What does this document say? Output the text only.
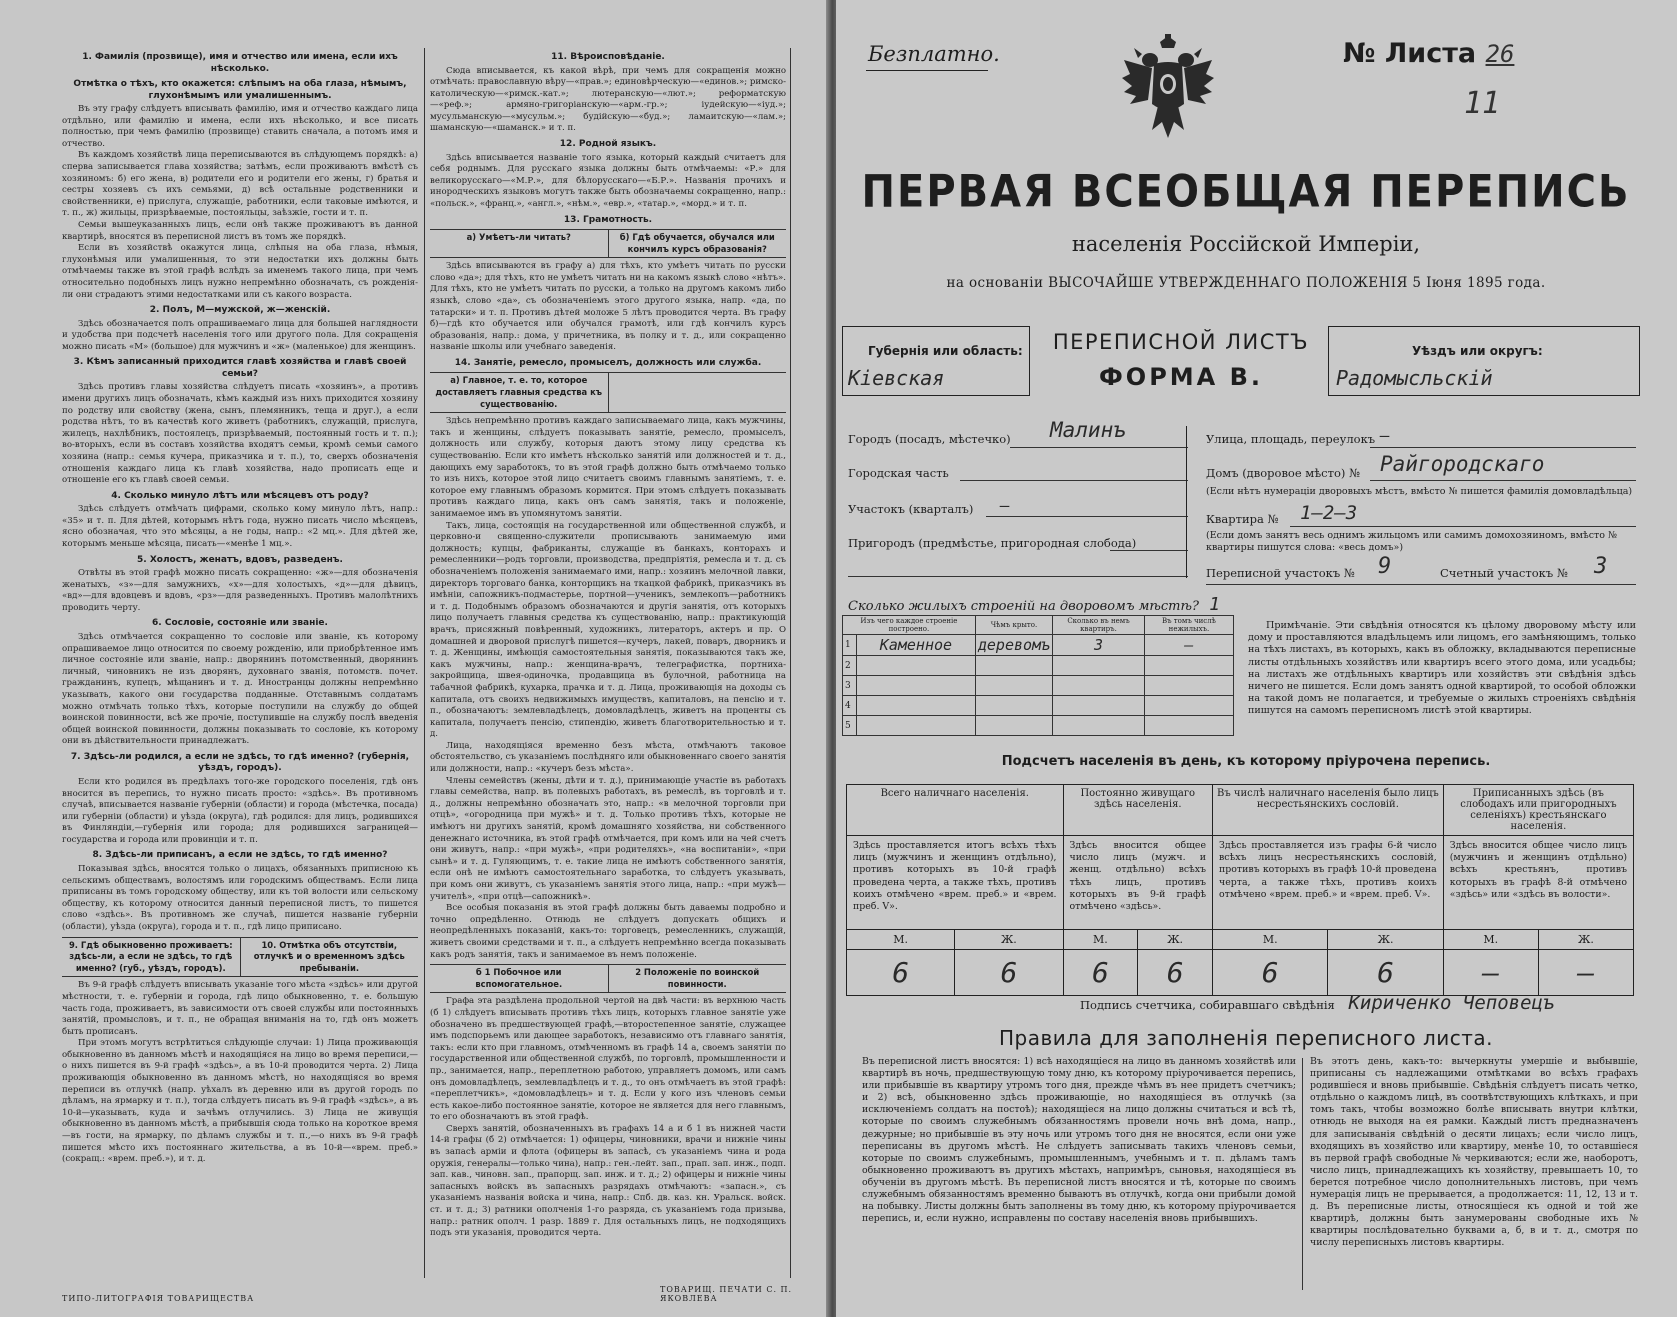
1. Фамилія (прозвище), имя и отчество или имена, если ихъ нѣсколько.
Отмѣтка о тѣхъ, кто окажется: слѣпымъ на оба глаза, нѣмымъ, глухонѣмымъ или умалишеннымъ.
Въ эту графу слѣдуетъ вписывать фамилію, имя и отчество каждаго лица отдѣльно, или фамилію и имена, если ихъ нѣсколько, и все писать полностью, при чемъ фамилію (прозвище) ставить сначала, а потомъ имя и отчество.
Въ каждомъ хозяйствѣ лица переписываются въ слѣдующемъ порядкѣ: а) сперва записывается глава хозяйства; затѣмъ, если проживаютъ вмѣстѣ съ хозяиномъ: б) его жена, в) родители его и родители его жены, г) братья и сестры хозяевъ съ ихъ семьями, д) всѣ остальные родственники и свойственники, е) прислуга, служащіе, работники, если таковые имѣются, и т. п., ж) жильцы, призрѣваемые, постояльцы, заѣзжіе, гости и т. п.
Семьи вышеуказанныхъ лицъ, если онѣ также проживаютъ въ данной квартирѣ, вносятся въ переписной листъ въ томъ же порядкѣ.
Если въ хозяйствѣ окажутся лица, слѣпыя на оба глаза, нѣмыя, глухонѣмыя или умалишенныя, то эти недостатки ихъ должны быть отмѣчаемы также въ этой графѣ вслѣдъ за именемъ такого лица, при чемъ относительно подобныхъ лицъ нужно непремѣнно обозначать, съ рожденія-ли они страдаютъ этими недостатками или съ какого возраста.
2. Полъ, М—мужской, ж—женскій.
Здѣсь обозначается полъ опрашиваемаго лица для большей наглядности и удобства при подсчетѣ населенія того или другого пола. Для сокращенія можно писать «М» (большое) для мужчинъ и «ж» (маленькое) для женщинъ.
3. Кѣмъ записанный приходится главѣ хозяйства и главѣ своей семьи?
Здѣсь противъ главы хозяйства слѣдуетъ писать «хозяинъ», а противъ имени другихъ лицъ обозначать, кѣмъ каждый изъ нихъ приходится хозяину по родству или свойству (жена, сынъ, племянникъ, теща и друг.), а если родства нѣтъ, то въ качествѣ кого живетъ (работникъ, служащій, прислуга, жилецъ, нахлѣбникъ, постоялецъ, призрѣваемый, постоянный гость и т. п.); во-вторыхъ, если въ составъ хозяйства входятъ семьи, кромѣ семьи самого хозяина (напр.: семья кучера, приказчика и т. п.), то, сверхъ обозначенія отношенія каждаго лица къ главѣ хозяйства, надо прописать еще и отношеніе его къ главѣ своей семьи.
4. Сколько минуло лѣтъ или мѣсяцевъ отъ роду?
Здѣсь слѣдуетъ отмѣчать цифрами, сколько кому минуло лѣтъ, напр.: «35» и т. п. Для дѣтей, которымъ нѣтъ года, нужно писать число мѣсяцевъ, ясно обозначая, что это мѣсяцы, а не годы, напр.: «2 мц.». Для дѣтей же, которымъ меньше мѣсяца, писать—«менѣе 1 мц.».
5. Холостъ, женатъ, вдовъ, разведенъ.
Отвѣты въ этой графѣ можно писать сокращенно: «ж»—для обозначенія женатыхъ, «з»—для замужнихъ, «х»—для холостыхъ, «д»—для дѣвицъ, «вд»—для вдовцевъ и вдовъ, «рз»—для разведенныхъ. Противъ малолѣтнихъ проводить черту.
6. Сословіе, состояніе или званіе.
Здѣсь отмѣчается сокращенно то сословіе или званіе, къ которому опрашиваемое лицо относится по своему рожденію, или приобрѣтенное имъ личное состояніе или званіе, напр.: дворянинъ потомственный, дворянинъ личный, чиновникъ не изъ дворянъ, духовнаго званія, потомств. почет. гражданинъ, купецъ, мѣщанинъ и т. д. Иностранцы должны непремѣнно указывать, какого они государства подданные. Отставнымъ солдатамъ можно отмѣчать только тѣхъ, которые поступили на службу до общей воинской повинности, всѣ же прочіе, поступившіе на службу послѣ введенія общей воинской повинности, должны показывать то сословіе, къ которому они въ дѣйствительности принадлежатъ.
7. Здѣсь-ли родился, а если не здѣсь, то гдѣ именно? (губернія, уѣздъ, городъ).
Если кто родился въ предѣлахъ того-же городского поселенія, гдѣ онъ вносится въ перепись, то нужно писать просто: «здѣсь». Въ противномъ случаѣ, вписывается названіе губерніи (области) и города (мѣстечка, посада) или губерніи (области) и уѣзда (округа), гдѣ родился: для лицъ, родившихся въ Финляндіи,—губернія или города; для родившихся заграницей—государства и города или провинціи и т. п.
8. Здѣсь-ли приписанъ, а если не здѣсь, то гдѣ именно?
Показывая здѣсь, вносятся только о лицахъ, обязанныхъ приписною къ сельскимъ обществамъ, волостямъ или городскимъ обществамъ. Если лица приписаны въ томъ городскому обществу, или къ той волости или сельскому обществу, къ которому относится данный переписной листъ, то пишется слово «здѣсь». Въ противномъ же случаѣ, пишется названіе губерніи (области), уѣзда (округа), города и т. п., гдѣ лицо приписано.
9. Гдѣ обыкновенно проживаетъ: здѣсь-ли, а если не здѣсь, то гдѣ именно? (губ., уѣздъ, городъ).
10. Отмѣтка объ отсутствіи, отлучкѣ и о временномъ здѣсь пребываніи.
Въ 9-й графѣ слѣдуетъ вписывать указаніе того мѣста «здѣсь» или другой мѣстности, т. е. губерніи и города, гдѣ лицо обыкновенно, т. е. большую часть года, проживаетъ, въ зависимости отъ своей службы или постоянныхъ занятій, промысловъ, и т. п., не обращая вниманія на то, гдѣ онъ можетъ быть прописанъ.
При этомъ могутъ встрѣтиться слѣдующіе случаи: 1) Лица проживающія обыкновенно въ данномъ мѣстѣ и находящіяся на лицо во время переписи,—о нихъ пишется въ 9-й графѣ «здѣсь», а въ 10-й проводится черта. 2) Лица проживающія обыкновенно въ данномъ мѣстѣ, но находящіяся во время переписи въ отлучкѣ (напр. уѣхалъ въ деревню или въ другой городъ по дѣламъ, на ярмарку и т. п.), тогда слѣдуетъ писать въ 9-й графѣ «здѣсь», а въ 10-й—указывать, куда и зачѣмъ отлучились. 3) Лица не живущія обыкновенно въ данномъ мѣстѣ, а прибывшія сюда только на короткое время—въ гости, на ярмарку, по дѣламъ службы и т. п.,—о нихъ въ 9-й графѣ пишется мѣсто ихъ постояннаго жительства, а въ 10-й—«врем. преб.» (сокращ.: «врем. преб.»), и т. д.
11. Вѣроисповѣданіе.
Сюда вписывается, къ какой вѣрѣ, при чемъ для сокращенія можно отмѣчать: православную вѣру—«прав.»; единовѣрческую—«единов.»; римско-католическую—«римск.-кат.»; лютеранскую—«лют.»; реформатскую—«реф.»; армяно-григоріанскую—«арм.-гр.»; іудейскую—«іуд.»; мусульманскую—«мусульм.»; будійскую—«буд.»; ламаитскую—«лам.»; шаманскую—«шаманск.» и т. п.
12. Родной языкъ.
Здѣсь вписывается названіе того языка, который каждый считаетъ для себя роднымъ. Для русскаго языка должны быть отмѣчаемы: «Р.» для великорусскаго—«М.Р.», для бѣлорусскаго—«Б.Р.». Названія прочихъ и инородческихъ языковъ могутъ также быть обозначаемы сокращенно, напр.: «польск.», «франц.», «англ.», «нѣм.», «евр.», «татар.», «морд.» и т. п.
13. Грамотность.
а) Умѣетъ-ли читать?	б) Гдѣ обучается, обучался или кончилъ курсъ образованія?
Здѣсь вписываются въ графу а) для тѣхъ, кто умѣетъ читать по русски слово «да»; для тѣхъ, кто не умѣетъ читать ни на какомъ языкѣ слово «нѣтъ». Для тѣхъ, кто не умѣетъ читать по русски, а только на другомъ какомъ либо языкѣ, слово «да», съ обозначеніемъ этого другого языка, напр. «да, по татарски» и т. п. Противъ дѣтей моложе 5 лѣтъ проводится черта. Въ графу б)—гдѣ кто обучается или обучался грамотѣ, или гдѣ кончилъ курсъ образованія, напр.: дома, у причетника, въ полку и т. д., или сокращенно названіе школы или учебнаго заведенія.
14. Занятіе, ремесло, промыселъ, должность или служба.
а) Главное, т. е. то, которое доставляетъ главныя средства къ существованію.
Здѣсь непремѣнно противъ каждаго записываемаго лица, какъ мужчины, такъ и женщины, слѣдуетъ показывать занятіе, ремесло, промыселъ, должность или службу, которыя даютъ этому лицу средства къ существованію. Если кто имѣетъ нѣсколько занятій или должностей и т. д., дающихъ ему заработокъ, то въ этой графѣ должно быть отмѣчаемо только то изъ нихъ, которое этой лицо считаетъ своимъ главнымъ занятіемъ, т. е. которое ему главнымъ образомъ кормится. При этомъ слѣдуетъ показывать противъ каждаго лица, какъ онъ самъ занятія, такъ и положеніе, занимаемое имъ въ упомянутомъ занятіи.
Такъ, лица, состоящія на государственной или общественной службѣ, и церковно-и священно-служители прописывають занимаемую ими должность; купцы, фабриканты, служащіе въ банкахъ, конторахъ и ремесленники—родъ торговли, производства, предпріятія, ремесла и т. д. съ обозначеніемъ положенія занимаемаго ими, напр.: хозяинъ мелочной лавки, директоръ торговаго банка, конторщикъ на ткацкой фабрикѣ, приказчикъ въ имѣніи, сапожникъ-подмастерье, портной—ученикъ, землекопъ—работникъ и т. д. Подобнымъ образомъ обозначаются и другія занятія, отъ которыхъ лицо получаетъ главныя средства къ существованію, напр.: практикующій врачъ, присяжный повѣренный, художникъ, литераторъ, актеръ и пр. О домашней и дворовой прислугѣ пишется—кучеръ, лакей, поваръ, дворникъ и т. д. Женщины, имѣющія самостоятельныя занятія, показываются такъ же, какъ мужчины, напр.: женщина-врачъ, телеграфистка, портниха-закройщица, швея-одиночка, продавщица въ булочной, работница на табачной фабрикѣ, кухарка, прачка и т. д. Лица, проживающія на доходы съ капитала, отъ своихъ недвижимыхъ имуществъ, капиталовъ, на пенсію и т. п., обозначаютъ: землевладѣлецъ, домовладѣлецъ, живетъ на проценты съ капитала, получаетъ пенсію, стипендію, живетъ благотворительностью и т. д.
Лица, находящіяся временно безъ мѣста, отмѣчаютъ таковое обстоятельство, съ указаніемъ послѣдняго или обыкновеннаго своего занятія или должности, напр.: «кучеръ безъ мѣста».
Члены семействъ (жены, дѣти и т. д.), принимающіе участіе въ работахъ главы семейства, напр. въ полевыхъ работахъ, въ ремеслѣ, въ торговлѣ и т. д., должны непремѣнно обозначать это, напр.: «в мелочной торговли при отцѣ», «огородница при мужѣ» и т. д. Только противъ тѣхъ, которые не имѣютъ ни другихъ занятій, кромѣ домашняго хозяйства, ни собственного денежнаго источника, въ этой графѣ отмѣчается, при комъ или на чей счетъ они живутъ, напр.: «при мужѣ», «при родителяхъ», «на воспитаніи», «при сынѣ» и т. д. Гуляющимъ, т. е. такие лица не имѣютъ собственного занятія, если онѣ не имѣютъ самостоятельнаго заработка, то слѣдуетъ указывать, при комъ они живутъ, съ указаніемъ занятія этого лица, напр.: «при мужѣ—учителѣ», «при отцѣ—сапожникѣ».
Все особыя показанія въ этой графѣ должны быть даваемы подробно и точно опредѣленно. Отнюдь не слѣдуетъ допускать общихъ и неопредѣленныхъ показаній, какъ-то: торговецъ, ремесленникъ, служащій, живетъ своими средствами и т. п., а слѣдуетъ непремѣнно всегда показывать какъ родъ занятія, такъ и занимаемое въ немъ положеніе.
б 1 Побочное или вспомогательное.
2 Положеніе по воинской повинности.
Графа эта раздѣлена продольной чертой на двѣ части: въ верхнюю часть (б 1) слѣдуетъ вписывать противъ тѣхъ лицъ, которыхъ главное занятіе уже обозначено въ предшествующей графѣ,—второстепенное занятіе, служащее имъ подспорьемъ или дающее заработокъ, независимо отъ главнаго занятія, такъ: если кто при главномъ, отмѣченномъ въ графѣ 14 а, своемъ занятіи по государственной или общественной службѣ, по торговлѣ, промышленности и пр., занимается, напр., переплетною работою, управляетъ домомъ, или самъ онъ домовладѣлецъ, землевладѣлецъ и т. д., то онъ отмѣчаетъ въ этой графѣ: «переплетчикъ», «домовладѣлецъ» и т. д. Если у кого изъ членовъ семьи есть какое-либо постоянное занятіе, которое не является для него главнымъ, то его обозначаютъ въ этой графѣ.
Сверхъ занятій, обозначенныхъ въ графахъ 14 а и б 1 въ нижней части 14-й графы (б 2) отмѣчается: 1) офицеры, чиновники, врачи и нижніе чины въ запасѣ арміи и флота (офицеры въ запасѣ, съ указаніемъ чина и рода оружія, генералы—только чина), напр.: ген.-лейт. зап., прап. зап. инж., подп. зап. кав., чиновн. зап., прапорщ. зап. инж. и т. д.; 2) офицеры и нижніе чины запасныхъ войскъ въ запасныхъ разрядахъ отмѣчаютъ: «запасн.», съ указаніемъ названія войска и чина, напр.: Спб. дв. каз. кн. Уральск. войск. ст. и т. д.; 3) ратники ополченія 1-го разряда, съ указаніемъ года призыва, напр.: ратник ополч. 1 разр. 1889 г. Для остальныхъ лицъ, не подходящихъ подъ эти указанія, проводится черта.
ТИПО-ЛИТОГРАФІЯ ТОВАРИЩЕСТВА
ТОВАРИЩ. ПЕЧАТИ С. П. ЯКОВЛЕВА
Безплатно.	№ Листа 26
11
ПЕРВАЯ ВСЕОБЩАЯ ПЕРЕПИСЬ
населенія Россійской Имперіи,
на основаніи ВЫСОЧАЙШЕ УТВЕРЖДЕННАГО ПОЛОЖЕНІЯ 5 Іюня 1895 года.
Губернія или область:
Кіевская
Уѣздъ или округъ:
Радомысльскій
ПЕРЕПИСНОЙ ЛИСТЪ
ФОРМА В.
Городъ (посадъ, мѣстечко) Малинъ
Городская часть
Участокъ (кварталъ) —
Пригородъ (предмѣстье, пригородная слобода)
Улица, площадь, переулокъ —
Домъ (дворовое мѣсто) № Райгородскаго
(Если нѣтъ нумераціи дворовыхъ мѣстъ, вмѣсто № пишется фамилія домовладѣльца)
Квартира № 1—2—3
(Если домъ занятъ весь однимъ жильцомъ или самимъ домохозяиномъ, вмѣсто № квартиры пишутся слова: «весь домъ»)
Переписной участокъ № 9	Счетный участокъ № 3
Сколько жилыхъ строеній на дворовомъ мѣстѣ? 1
Изъ чего каждое строеніе построено.		Чѣмъ крыто.	Сколько въ немъ квартиръ.	Въ томъ числѣ нежилыхъ.
1	Каменное	деревомъ	3	—
2				
3				
4				
5				
Примѣчаніе. Эти свѣдѣнія относятся къ цѣлому дворовому мѣсту или дому и проставляются владѣльцемъ или лицомъ, его замѣняющимъ, только на тѣхъ листахъ, въ которыхъ, какъ въ обложку, вкладываются переписные листы отдѣльныхъ хозяйствъ или квартиръ всего этого дома, или усадьбы; на листахъ же отдѣльныхъ квартиръ или хозяйствъ эти свѣдѣнія здѣсь ничего не пишется. Если домъ занятъ одной квартирой, то особой обложки на такой домъ не полагается, и требуемые о жилыхъ строеніяхъ свѣдѣнія пишутся на самомъ переписномъ листѣ этой квартиры.
Подсчетъ населенія въ день, къ которому пріурочена перепись.
Всего наличнаго населенія.		Постоянно живущаго здѣсь населенія.		Въ числѣ наличнаго населенія было лицъ несрестьянскихъ сословій.		Приписанныхъ здѣсь (въ слободахъ или пригородныхъ селеніяхъ) крестьянскаго населенія.	
Здѣсь проставляется итогъ всѣхъ тѣхъ лицъ (мужчинъ и женщинъ отдѣльно), противъ которыхъ въ 10-й графѣ проведена черта, а также тѣхъ, противъ коихъ отмѣчено «врем. преб.» и «врем. преб. V».		Здѣсь вносится общее число лицъ (мужч. и женщ. отдѣльно) всѣхъ тѣхъ лицъ, противъ которыхъ въ 9-й графѣ отмѣчено «здѣсь».		Здѣсь проставляется изъ графы 6-й число всѣхъ лицъ несрестьянскихъ сословій, противъ которыхъ въ графѣ 10-й проведена черта, а также тѣхъ, противъ коихъ отмѣчено «врем. преб.» и «врем. преб. V».		Здѣсь вносится общее число лицъ (мужчинъ и женщинъ отдѣльно) всѣхъ крестьянъ, противъ которыхъ въ графѣ 8-й отмѣчено «здѣсь» или «здѣсь въ волости».	
М.	Ж.	М.	Ж.	М.	Ж.	М.	Ж.
6	6	6	6	6	6	—	—
Подпись счетчика, собиравшаго свѣдѣнія Кириченко Чеповецъ
Правила для заполненія переписного листа.
Въ переписной листъ вносятся: 1) всѣ находящіеся на лицо въ данномъ хозяйствѣ или квартирѣ въ ночь, предшествующую тому дню, къ которому пріурочивается перепись, или прибывшіе въ квартиру утромъ того дня, прежде чѣмъ въ нее придетъ счетчикъ; и 2) всѣ, обыкновенно здѣсь проживающіе, но находящіеся въ отлучкѣ (за исключеніемъ солдатъ на постоѣ); находящіеся на лицо должны считаться и всѣ тѣ, которые по своимъ служебнымъ обязанностямъ провели ночь внѣ дома, напр., дежурные; но прибывшіе въ эту ночь или утромъ того дня не вносятся, если они уже переписаны въ другомъ мѣстѣ. Не слѣдуетъ записывать такихъ членовъ семьи, которые по своимъ служебнымъ, промышленнымъ, учебнымъ и т. п. дѣламъ тамъ обыкновенно проживаютъ въ другихъ мѣстахъ, напримѣръ, сыновья, находящіеся въ обученіи въ другомъ мѣстѣ. Въ переписной листъ вносятся и тѣ, которые по своимъ служебнымъ обязанностямъ временно бываютъ въ отлучкѣ, когда они прибыли домой на побывку. Листы должны быть заполнены въ тому дню, къ которому пріурочивается перепись, и, если нужно, исправлены по составу населенія вновь прибывшихъ.
Въ этотъ день, какъ-то: вычеркнуты умершіе и выбывшіе, приписаны съ надлежащими отмѣтками во всѣхъ графахъ родившіеся и вновь прибывшіе. Свѣдѣнія слѣдуетъ писать четко, отдѣльно о каждомъ лицѣ, въ соотвѣтствующихъ клѣткахъ, и при томъ такъ, чтобы возможно болѣе вписывать внутри клѣтки, отнюдь не выходя на ея рамки. Каждый листъ предназначенъ для записыванія свѣдѣній о десяти лицахъ; если число лицъ, входящихъ въ хозяйство или квартиру, менѣе 10, то оставшіеся въ первой графѣ свободные № черкиваются; если же, наоборотъ, число лицъ, принадлежащихъ къ хозяйству, превышаетъ 10, то берется потребное число дополнительныхъ листовъ, при чемъ нумерація лицъ не прерывается, а продолжается: 11, 12, 13 и т. д. Въ переписные листы, относящіеся къ одной и той же квартирѣ, должны быть занумерованы свободные ихъ № квартиры послѣдовательно буквами а, б, в и т. д., смотря по числу переписныхъ листовъ квартиры.
